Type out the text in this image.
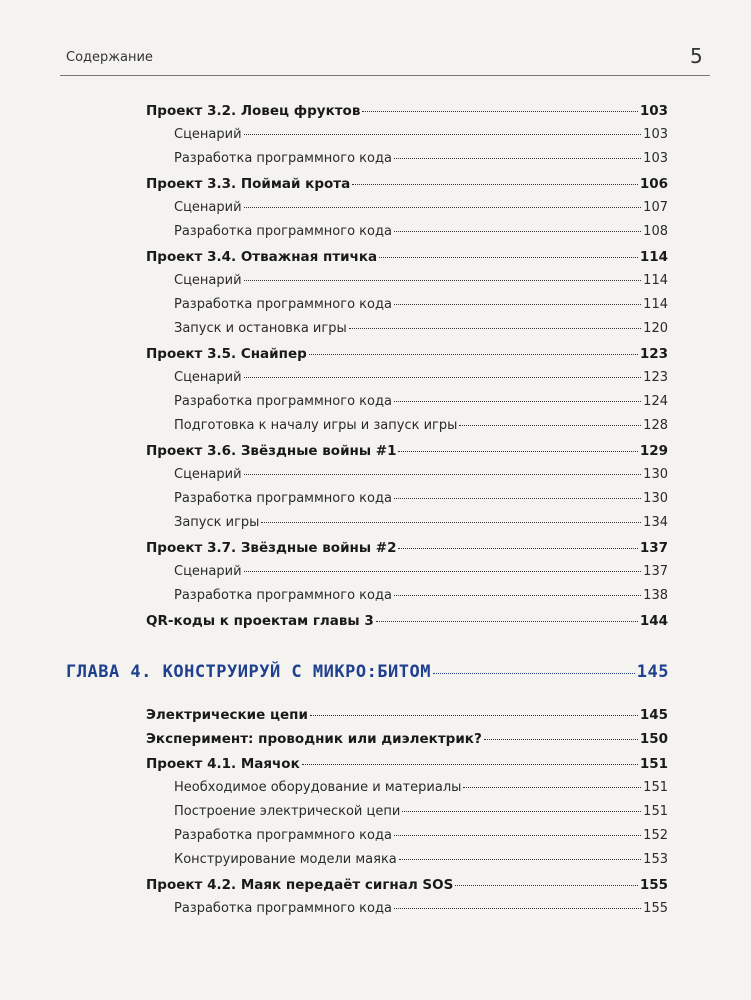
Содержание	5
Проект 3.2. Ловец фруктов	103
Сценарий	103
Разработка программного кода	103
Проект 3.3. Поймай крота	106
Сценарий	107
Разработка программного кода	108
Проект 3.4. Отважная птичка	114
Сценарий	114
Разработка программного кода	114
Запуск и остановка игры	120
Проект 3.5. Снайпер	123
Сценарий	123
Разработка программного кода	124
Подготовка к началу игры и запуск игры	128
Проект 3.6. Звёздные войны #1	129
Сценарий	130
Разработка программного кода	130
Запуск игры	134
Проект 3.7. Звёздные войны #2	137
Сценарий	137
Разработка программного кода	138
QR-коды к проектам главы 3	144
ГЛАВА 4. КОНСТРУИРУЙ С МИКРО:БИТОМ	145
Электрические цепи	145
Эксперимент: проводник или диэлектрик?	150
Проект 4.1. Маячок	151
Необходимое оборудование и материалы	151
Построение электрической цепи	151
Разработка программного кода	152
Конструирование модели маяка	153
Проект 4.2. Маяк передаёт сигнал SOS	155
Разработка программного кода	155
